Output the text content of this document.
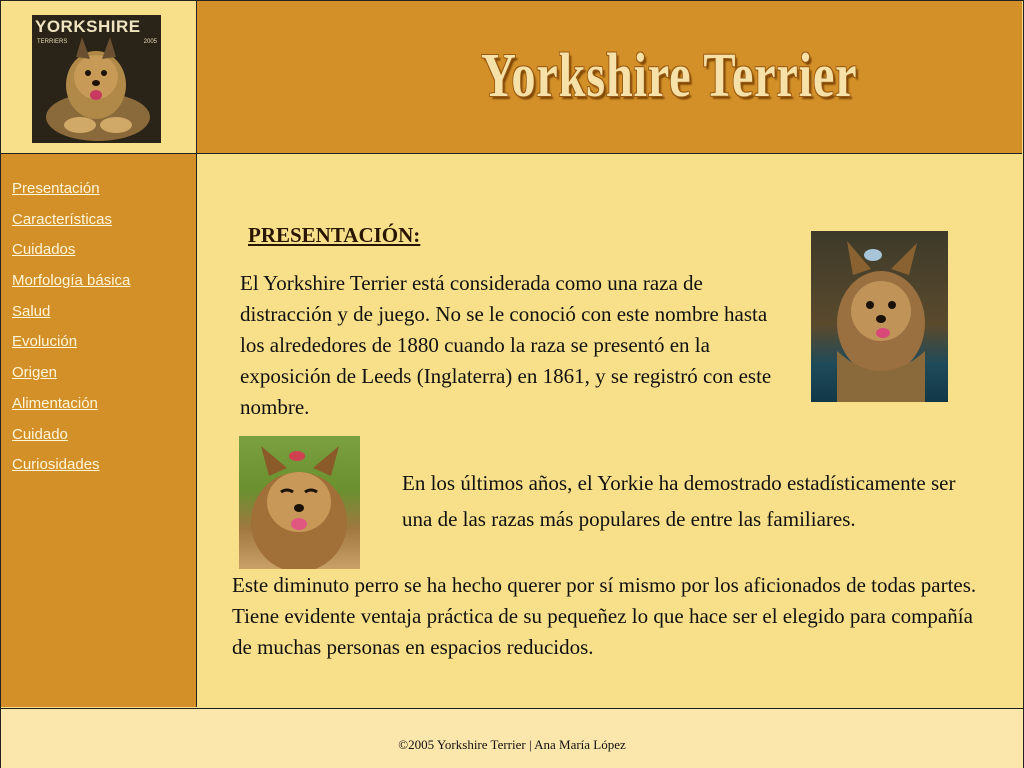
YORKSHIRE
TERRIERS	2005	Yorkshire Terrier
Presentación
Características
Cuidados
Morfología básica
Salud
Evolución
Origen
Alimentación
Cuidado
Curiosidades
PRESENTACIÓN:

El Yorkshire Terrier está considerada como una raza de distracción y de juego. No se le conoció con este nombre hasta los alrededores de 1880 cuando la raza se presentó en la exposición de Leeds (Inglaterra) en 1861, y se registró con este nombre.

En los últimos años, el Yorkie ha demostrado estadísticamente ser una de las razas más populares de entre las familiares.

Este diminuto perro se ha hecho querer por sí mismo por los aficionados de todas partes. Tiene evidente ventaja práctica de su pequeñez lo que hace ser el elegido para compañía de muchas personas en espacios reducidos.

©2005 Yorkshire Terrier | Ana María López
